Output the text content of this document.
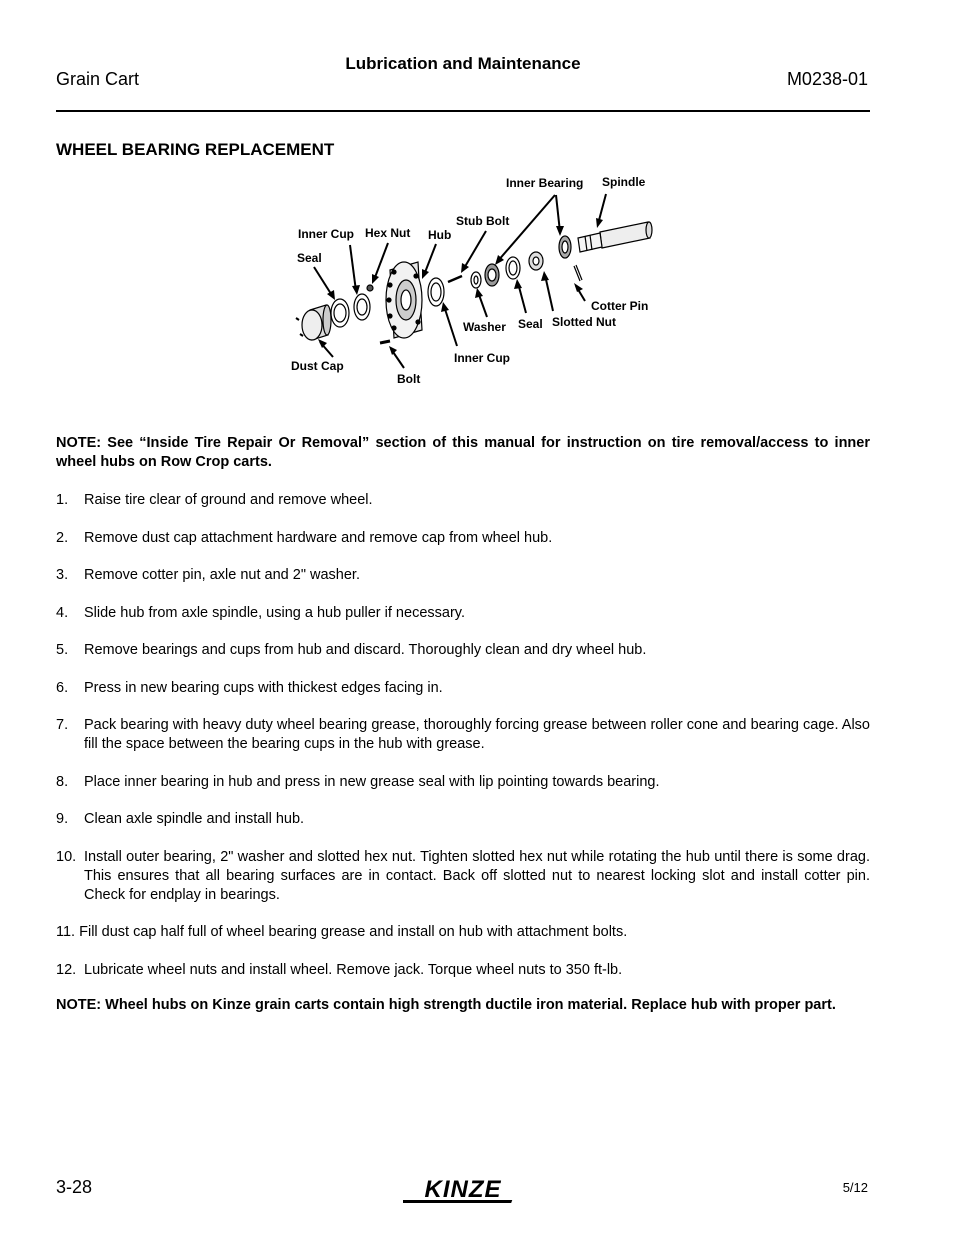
Grain Cart
Lubrication and Maintenance
M0238-01
WHEEL BEARING REPLACEMENT
Inner Bearing Spindle
Stub Bolt
Inner Cup Hex Nut Hub
Seal
Cotter Pin
Slotted Nut
Seal
Washer
Inner Cup
Dust Cap
Bolt
NOTE: See “Inside Tire Repair Or Removal” section of this manual for instruction on tire removal/access to inner wheel hubs on Row Crop carts.
1. Raise tire clear of ground and remove wheel.
2. Remove dust cap attachment hardware and remove cap from wheel hub.
3. Remove cotter pin, axle nut and 2" washer.
4. Slide hub from axle spindle, using a hub puller if necessary.
5. Remove bearings and cups from hub and discard. Thoroughly clean and dry wheel hub.
6. Press in new bearing cups with thickest edges facing in.
7. Pack bearing with heavy duty wheel bearing grease, thoroughly forcing grease between roller cone and bearing cage. Also fill the space between the bearing cups in the hub with grease.
8. Place inner bearing in hub and press in new grease seal with lip pointing towards bearing.
9. Clean axle spindle and install hub.
10. Install outer bearing, 2" washer and slotted hex nut. Tighten slotted hex nut while rotating the hub until there is some drag. This ensures that all bearing surfaces are in contact. Back off slotted nut to nearest locking slot and install cotter pin. Check for endplay in bearings.
11. Fill dust cap half full of wheel bearing grease and install on hub with attachment bolts.
12. Lubricate wheel nuts and install wheel. Remove jack. Torque wheel nuts to 350 ft-lb.
NOTE: Wheel hubs on Kinze grain carts contain high strength ductile iron material. Replace hub with proper part.
3-28	KINZE	5/12
